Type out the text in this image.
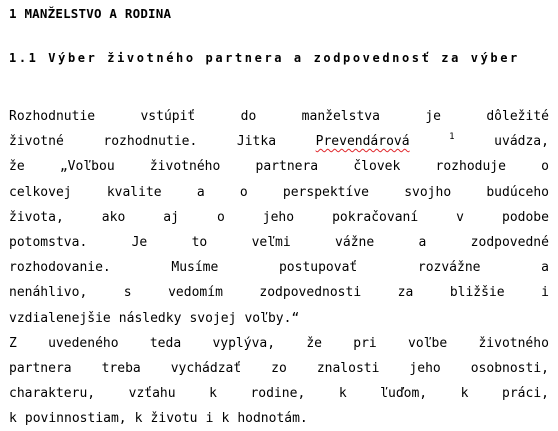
1 MANŽELSTVO A RODINA
1.1 Výber životného partnera a zodpovednosť za výber
Rozhodnutie	vstúpiť	do	manželstva	je	dôležité
životné	rozhodnutie.	Jitka	Prevendárová	1	uvádza,
že	„Voľbou	životného	partnera	človek	rozhoduje	o
celkovej	kvalite	a	o	perspektíve	svojho	budúceho
života,	ako	aj	o	jeho	pokračovaní	v	podobe
potomstva.	Je	to	veľmi	vážne	a	zodpovedné
rozhodovanie.	Musíme	postupovať	rozvážne	a
nenáhlivo,	s	vedomím	zodpovednosti	za	bližšie	i
vzdialenejšie následky svojej voľby.“
Z uvedeného teda vyplýva, že pri voľbe životného
partnera treba vychádzať zo znalosti jeho osobnosti,
charakteru,	vzťahu	k	rodine,	k	ľuďom,	k	práci,
k povinnostiam, k životu i k hodnotám.
